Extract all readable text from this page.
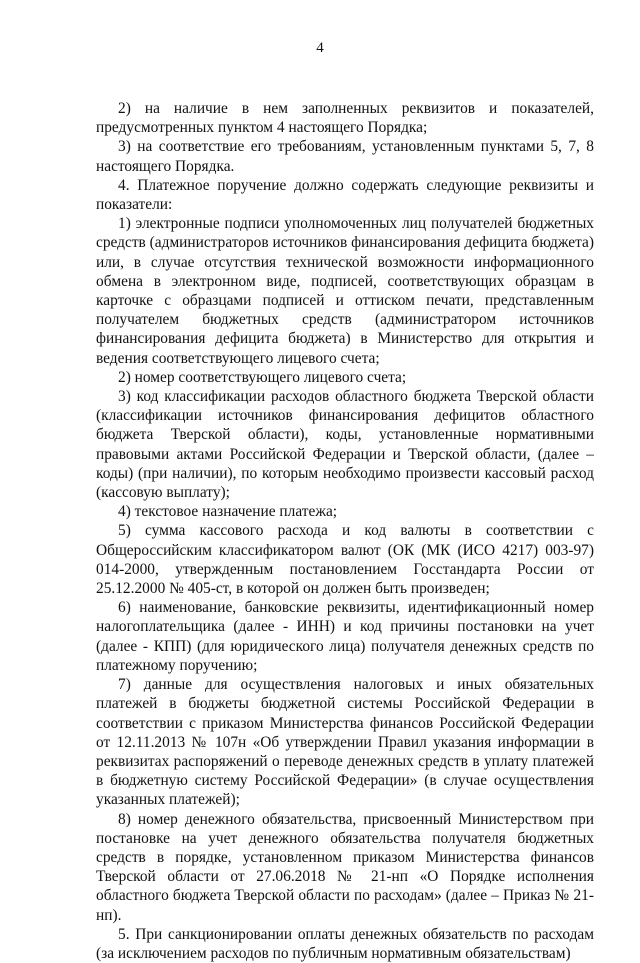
4

2) на наличие в нем заполненных реквизитов и показателей, предусмотренных пунктом 4 настоящего Порядка;

3) на соответствие его требованиям, установленным пунктами 5, 7, 8 настоящего Порядка.

4. Платежное поручение должно содержать следующие реквизиты и показатели:

1) электронные подписи уполномоченных лиц получателей бюджетных средств (администраторов источников финансирования дефицита бюджета) или, в случае отсутствия технической возможности информационного обмена в электронном виде, подписей, соответствующих образцам в карточке с образцами подписей и оттиском печати, представленным получателем бюджетных средств (администратором источников финансирования дефицита бюджета) в Министерство для открытия и ведения соответствующего лицевого счета;

2) номер соответствующего лицевого счета;

3) код классификации расходов областного бюджета Тверской области (классификации источников финансирования дефицитов областного бюджета Тверской области), коды, установленные нормативными правовыми актами Российской Федерации и Тверской области, (далее – коды) (при наличии), по которым необходимо произвести кассовый расход (кассовую выплату);

4) текстовое назначение платежа;

5) сумма кассового расхода и код валюты в соответствии с Общероссийским классификатором валют (ОК (МК (ИСО 4217) 003-97) 014-2000, утвержденным постановлением Госстандарта России от 25.12.2000 № 405-ст, в которой он должен быть произведен;

6) наименование, банковские реквизиты, идентификационный номер налогоплательщика (далее - ИНН) и код причины постановки на учет (далее - КПП) (для юридического лица) получателя денежных средств по платежному поручению;

7) данные для осуществления налоговых и иных обязательных платежей в бюджеты бюджетной системы Российской Федерации в соответствии с приказом Министерства финансов Российской Федерации от 12.11.2013 № 107н «Об утверждении Правил указания информации в реквизитах распоряжений о переводе денежных средств в уплату платежей в бюджетную систему Российской Федерации» (в случае осуществления указанных платежей);

8) номер денежного обязательства, присвоенный Министерством при постановке на учет денежного обязательства получателя бюджетных средств в порядке, установленном приказом Министерства финансов Тверской области от 27.06.2018 № 21-нп «О Порядке исполнения областного бюджета Тверской области по расходам» (далее – Приказ № 21-нп).

5. При санкционировании оплаты денежных обязательств по расходам (за исключением расходов по публичным нормативным обязательствам)
